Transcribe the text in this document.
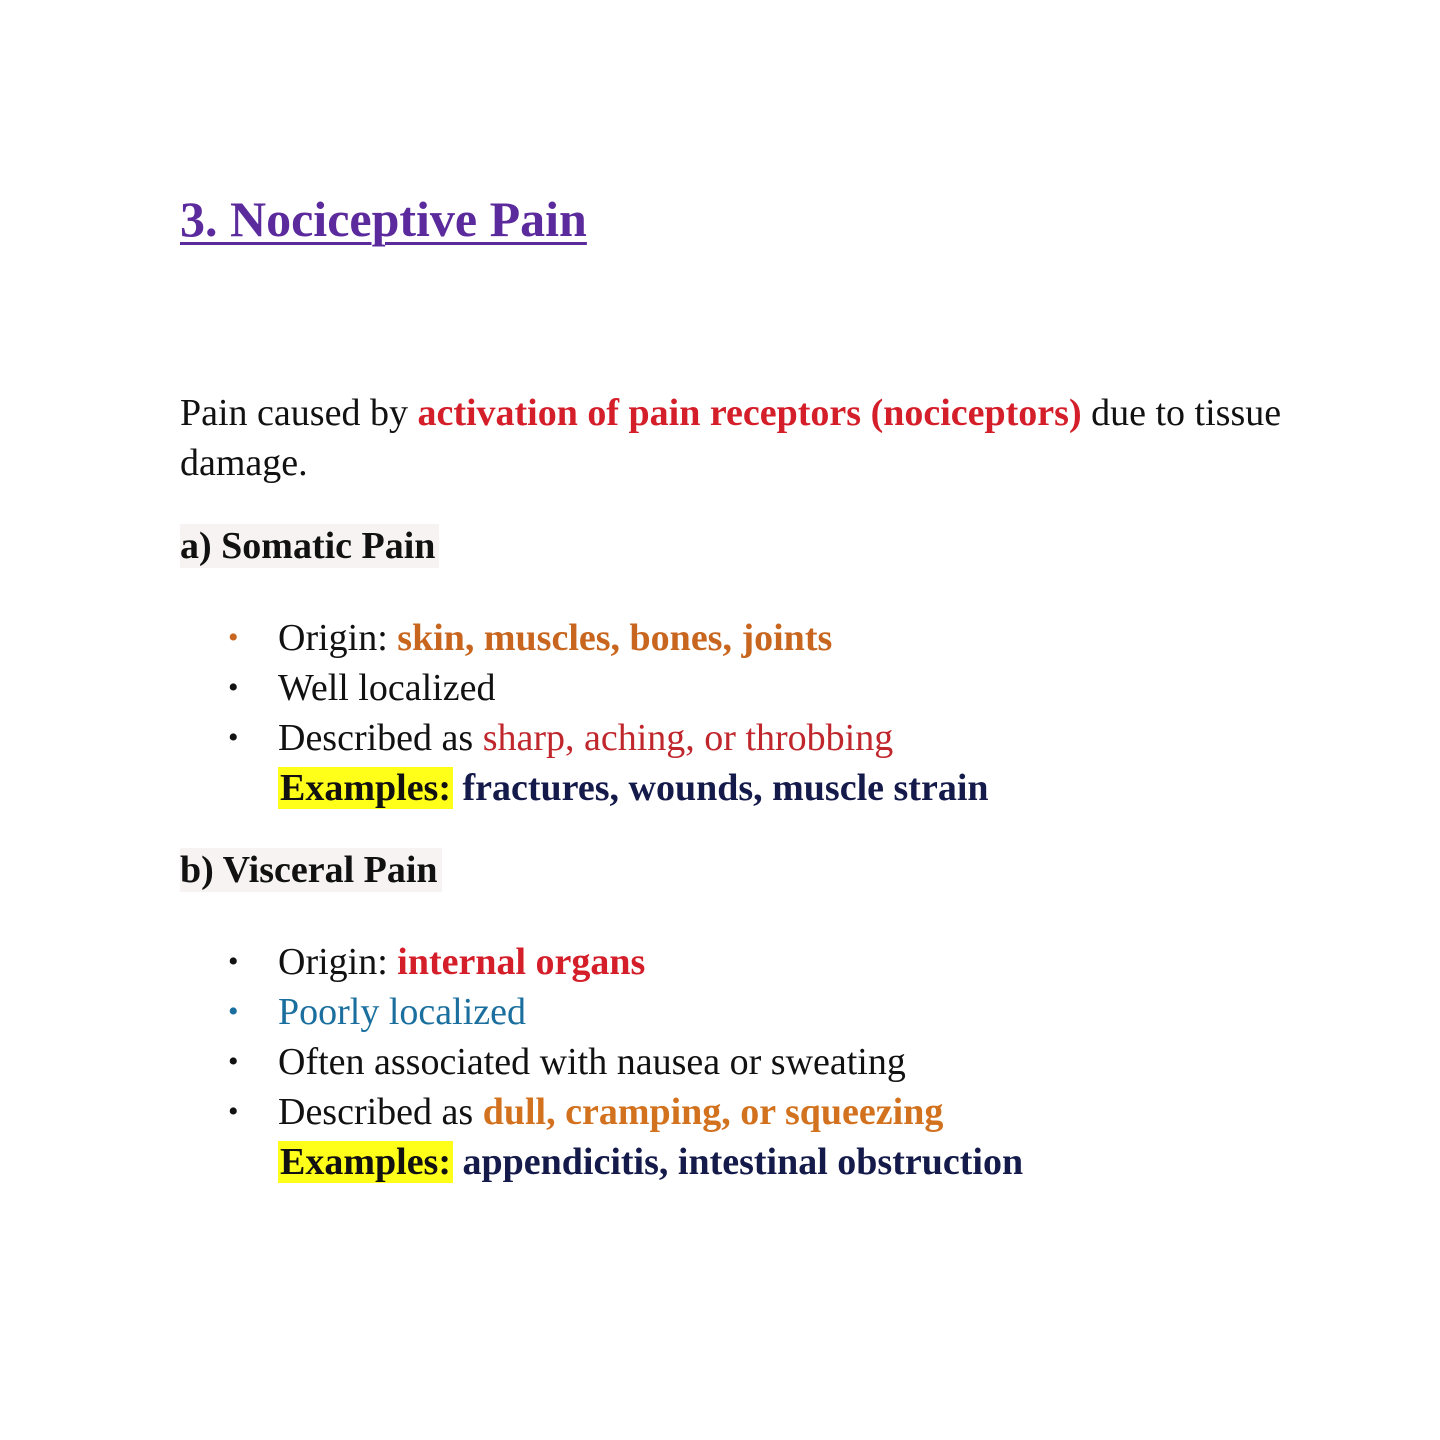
3. Nociceptive Pain

Pain caused by activation of pain receptors (nociceptors) due to tissue damage.

a) Somatic Pain
• Origin: skin, muscles, bones, joints
• Well localized
• Described as sharp, aching, or throbbing

Examples: fractures, wounds, muscle strain

b) Visceral Pain
• Origin: internal organs
• Poorly localized
• Often associated with nausea or sweating
• Described as dull, cramping, or squeezing

Examples: appendicitis, intestinal obstruction
